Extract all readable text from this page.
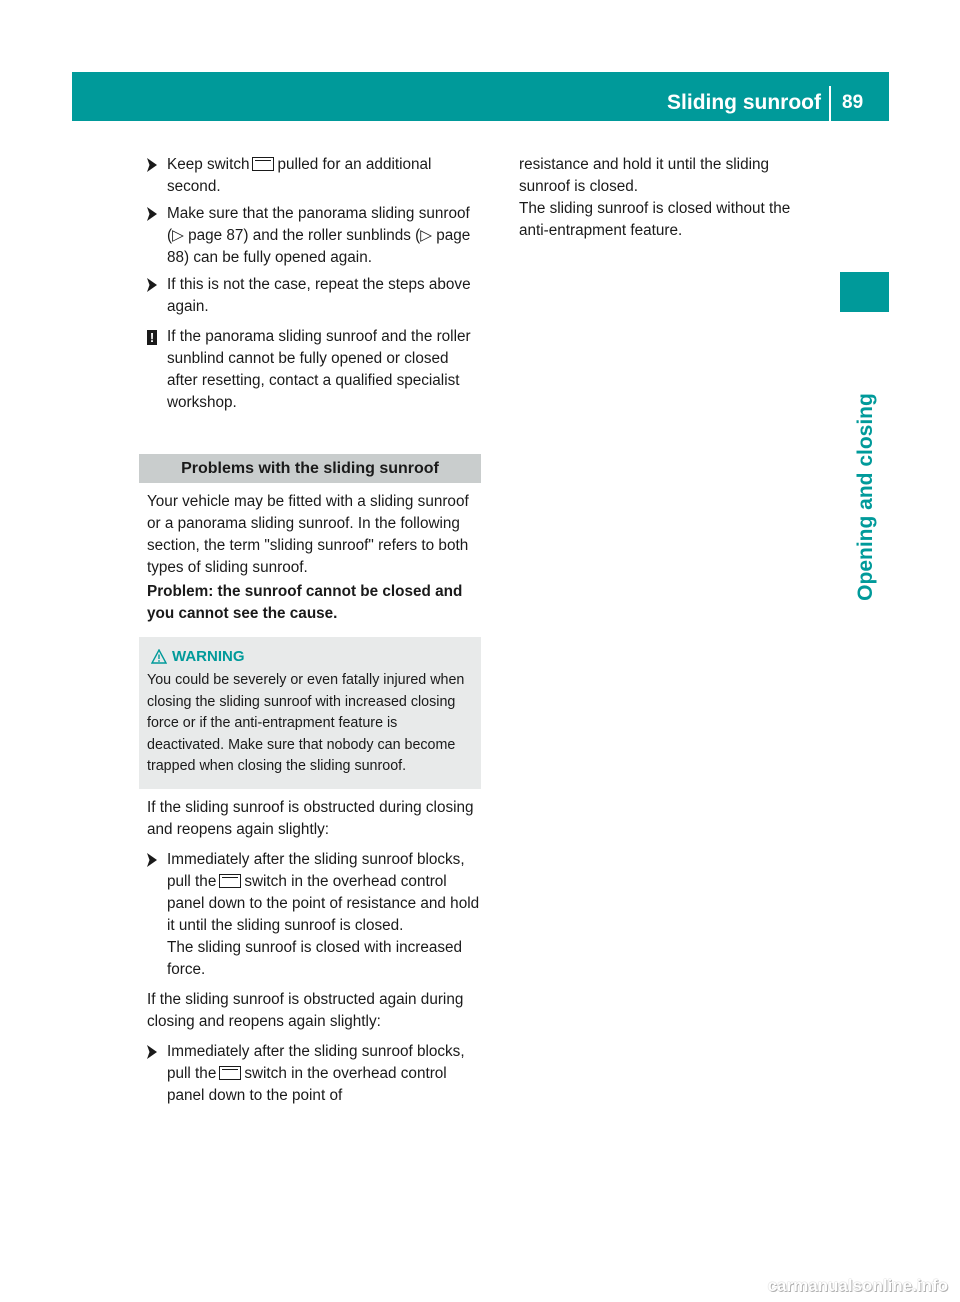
Sliding sunroof	89
Opening and closing
Keep switch pulled for an additional second.
Make sure that the panorama sliding sunroof (▷ page 87) and the roller sunblinds (▷ page 88) can be fully opened again.
If this is not the case, repeat the steps above again.
! If the panorama sliding sunroof and the roller sunblind cannot be fully opened or closed after resetting, contact a qualified specialist workshop.
Problems with the sliding sunroof

Your vehicle may be fitted with a sliding sunroof or a panorama sliding sunroof. In the following section, the term "sliding sunroof" refers to both types of sliding sunroof.

Problem: the sunroof cannot be closed and you cannot see the cause.

WARNING
You could be severely or even fatally injured when closing the sliding sunroof with increased closing force or if the anti-entrapment feature is deactivated. Make sure that nobody can become trapped when closing the sliding sunroof.

If the sliding sunroof is obstructed during closing and reopens again slightly:

Immediately after the sliding sunroof blocks, pull the switch in the overhead control panel down to the point of resistance and hold it until the sliding sunroof is closed.
The sliding sunroof is closed with increased force.

If the sliding sunroof is obstructed again during closing and reopens again slightly:

Immediately after the sliding sunroof blocks, pull the switch in the overhead control panel down to the point of
resistance and hold it until the sliding sunroof is closed.
The sliding sunroof is closed without the anti-entrapment feature.
carmanualsonline.info
